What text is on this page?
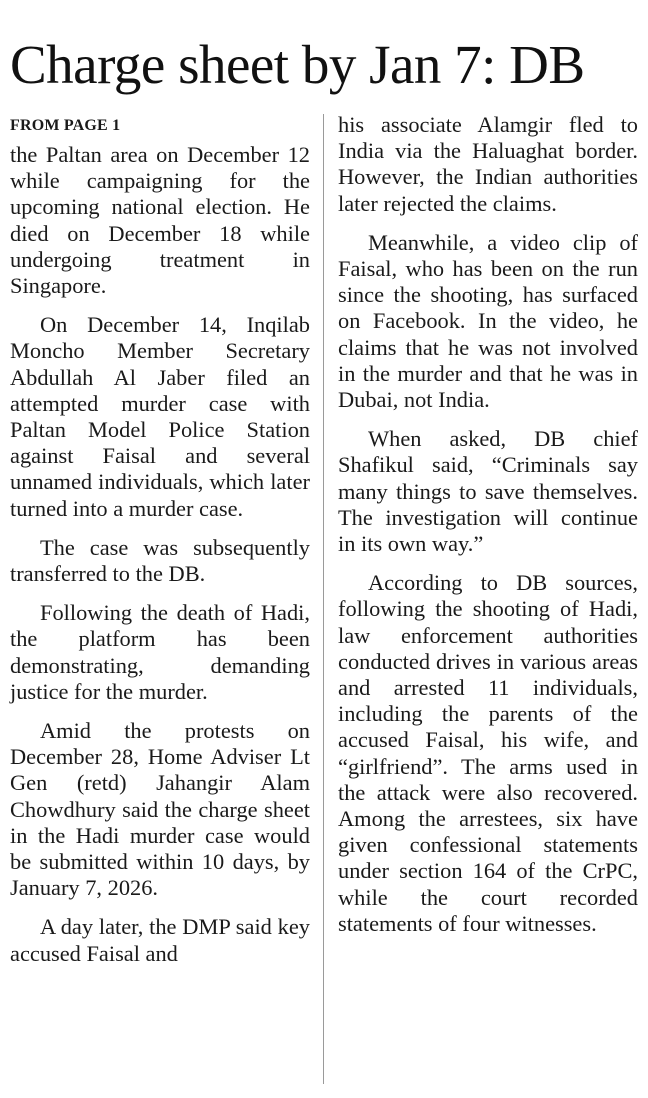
Charge sheet by Jan 7: DB
FROM PAGE 1

the Paltan area on December 12 while campaigning for the upcoming national election. He died on December 18 while undergoing treatment in Singapore.

On December 14, Inqilab Moncho Member Secretary Abdullah Al Jaber filed an attempted murder case with Paltan Model Police Station against Faisal and several unnamed individuals, which later turned into a murder case.

The case was subsequently transferred to the DB.

Following the death of Hadi, the platform has been demonstrating, demanding justice for the murder.

Amid the protests on December 28, Home Adviser Lt Gen (retd) Jahangir Alam Chowdhury said the charge sheet in the Hadi murder case would be submitted within 10 days, by January 7, 2026.

A day later, the DMP said key accused Faisal and

his associate Alamgir fled to India via the Haluaghat border. However, the Indian authorities later rejected the claims.

Meanwhile, a video clip of Faisal, who has been on the run since the shooting, has surfaced on Facebook. In the video, he claims that he was not involved in the murder and that he was in Dubai, not India.

When asked, DB chief Shafikul said, “Criminals say many things to save themselves. The investigation will continue in its own way.”

According to DB sources, following the shooting of Hadi, law enforcement authorities conducted drives in various areas and arrested 11 individuals, including the parents of the accused Faisal, his wife, and “girlfriend”. The arms used in the attack were also recovered. Among the arrestees, six have given confessional statements under section 164 of the CrPC, while the court recorded statements of four witnesses.
